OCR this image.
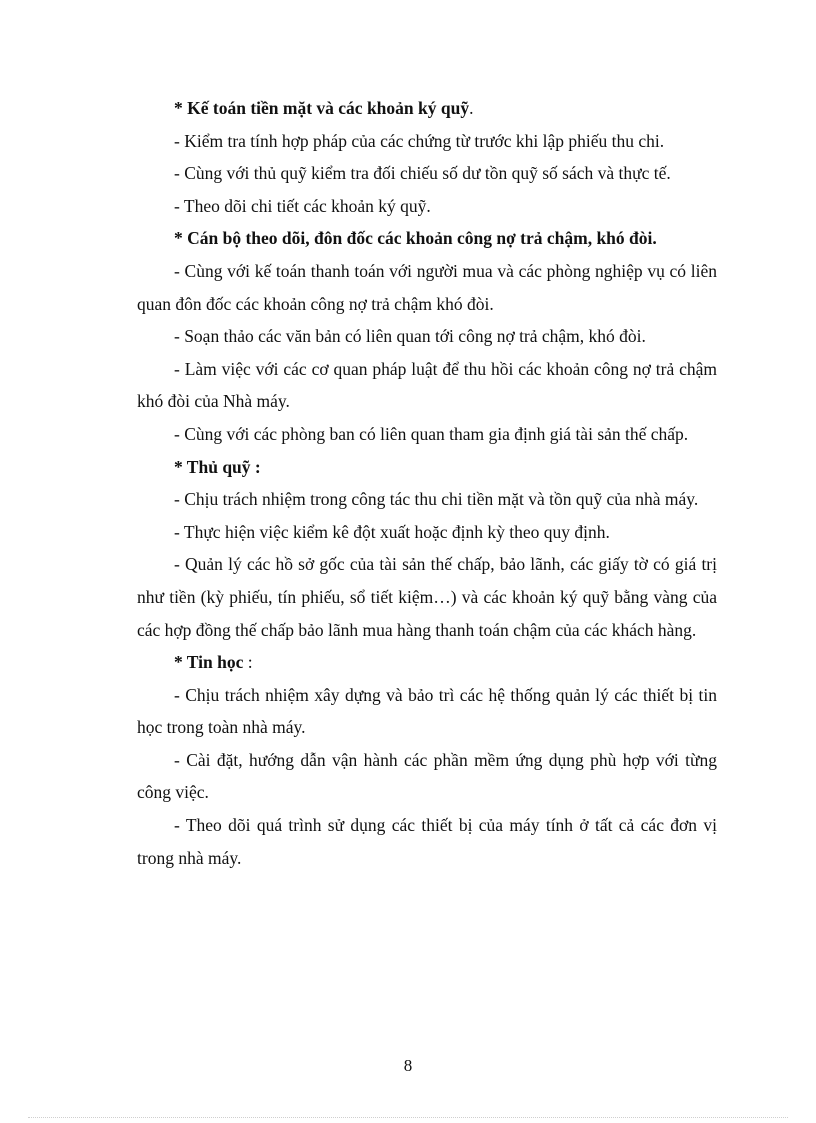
* Kế toán tiền mặt và các khoản ký quỹ.

- Kiểm tra tính hợp pháp của các chứng từ trước khi lập phiếu thu chi.

- Cùng với thủ quỹ kiểm tra đối chiếu số dư tồn quỹ số sách và thực tế.

- Theo dõi chi tiết các khoản ký quỹ.

* Cán bộ theo dõi, đôn đốc các khoản công nợ trả chậm, khó đòi.

- Cùng với kế toán thanh toán với người mua và các phòng nghiệp vụ có liên quan đôn đốc các khoản công nợ trả chậm khó đòi.

- Soạn thảo các văn bản có liên quan tới công nợ trả chậm, khó đòi.

- Làm việc với các cơ quan pháp luật để thu hồi các khoản công nợ trả chậm khó đòi của Nhà máy.

- Cùng với các phòng ban có liên quan tham gia định giá tài sản thế chấp.

* Thủ quỹ :

- Chịu trách nhiệm trong công tác thu chi tiền mặt và tồn quỹ của nhà máy.

- Thực hiện việc kiểm kê đột xuất hoặc định kỳ theo quy định.

- Quản lý các hồ sở gốc của tài sản thế chấp, bảo lãnh, các giấy tờ có giá trị như tiền (kỳ phiếu, tín phiếu, sổ tiết kiệm…) và các khoản ký quỹ bằng vàng của các hợp đồng thế chấp bảo lãnh mua hàng thanh toán chậm của các khách hàng.

* Tin học :

- Chịu trách nhiệm xây dựng và bảo trì các hệ thống quản lý các thiết bị tin học trong toàn nhà máy.

- Cài đặt, hướng dẫn vận hành các phần mềm ứng dụng phù hợp với từng công việc.

- Theo dõi quá trình sử dụng các thiết bị của máy tính ở tất cả các đơn vị trong nhà máy.

8
